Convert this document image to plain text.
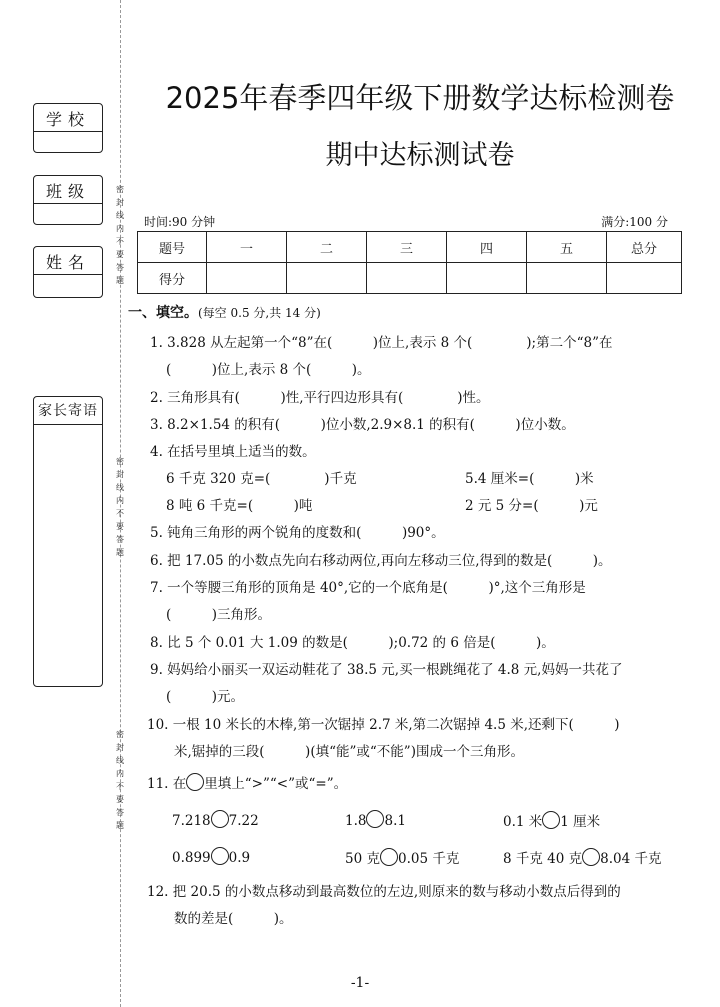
学校
班级
姓名
家长寄语
密
封
线
内
不
要
答
题
密
封
线
内
不
要
答
题
密
封
线
内
不
要
答
题
2025年春季四年级下册数学达标检测卷
期中达标测试卷
时间:90 分钟	满分:100 分
题号	一	二	三	四	五	总分
得分						
一、填空。(每空 0.5 分,共 14 分)
1. 3.828 从左起第一个“8”在(　　　)位上,表示 8 个(　　　　);第二个“8”在
(　　　)位上,表示 8 个(　　　)。
2. 三角形具有(　　　)性,平行四边形具有(　　　　)性。
3. 8.2×1.54 的积有(　　　)位小数,2.9×8.1 的积有(　　　)位小数。
4. 在括号里填上适当的数。
6 千克 320 克=(　　　　)千克	5.4 厘米=(　　　)米
8 吨 6 千克=(　　　)吨	2 元 5 分=(　　　)元
5. 钝角三角形的两个锐角的度数和(　　　)90°。
6. 把 17.05 的小数点先向右移动两位,再向左移动三位,得到的数是(　　　)。
7. 一个等腰三角形的顶角是 40°,它的一个底角是(　　　)°,这个三角形是
(　　　)三角形。
8. 比 5 个 0.01 大 1.09 的数是(　　　);0.72 的 6 倍是(　　　)。
9. 妈妈给小丽买一双运动鞋花了 38.5 元,买一根跳绳花了 4.8 元,妈妈一共花了
(　　　)元。
10. 一根 10 米长的木棒,第一次锯掉 2.7 米,第二次锯掉 4.5 米,还剩下(　　　)
米,锯掉的三段(　　　)(填“能”或“不能”)围成一个三角形。
11. 在 里填上“>”“<”或“=”。
7.218 7.22	1.8 8.1	0.1 米 1 厘米
0.899 0.9	50 克 0.05 千克	8 千克 40 克 8.04 千克
12. 把 20.5 的小数点移动到最高数位的左边,则原来的数与移动小数点后得到的
数的差是(　　　)。
-1-
